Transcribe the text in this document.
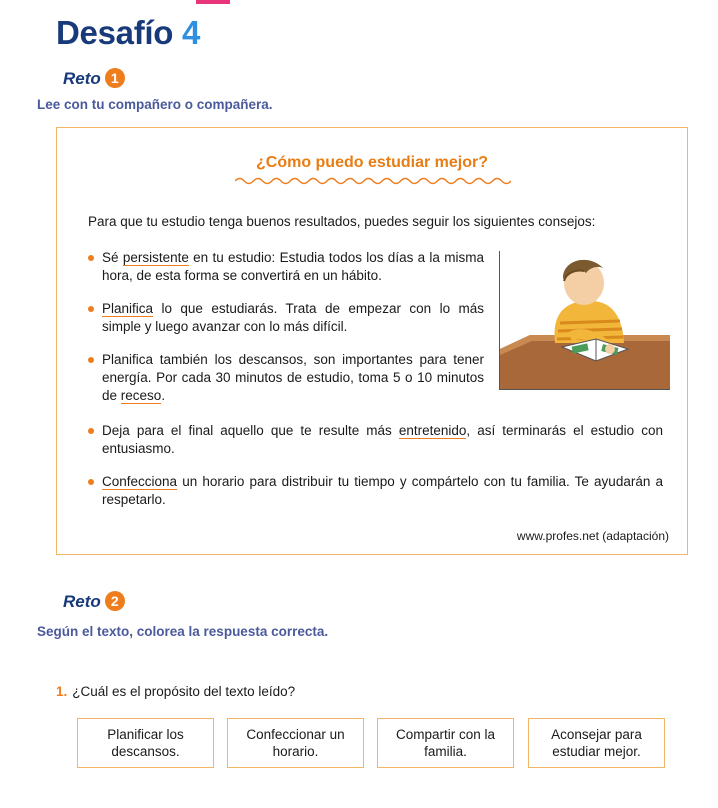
Desafío 4
Reto 1
Lee con tu compañero o compañera.
¿Cómo puedo estudiar mejor?
Para que tu estudio tenga buenos resultados, puedes seguir los siguientes consejos:
Sé persistente en tu estudio: Estudia todos los días a la misma hora, de esta forma se convertirá en un hábito.
Planifica lo que estudiarás. Trata de empezar con lo más simple y luego avanzar con lo más difícil.
Planifica también los descansos, son importantes para tener energía. Por cada 30 minutos de estudio, toma 5 o 10 minutos de receso.
Deja para el final aquello que te resulte más entretenido, así terminarás el estudio con entusiasmo.
Confecciona un horario para distribuir tu tiempo y compártelo con tu familia. Te ayudarán a respetarlo.
www.profes.net (adaptación)
Reto 2
Según el texto, colorea la respuesta correcta.
1. ¿Cuál es el propósito del texto leído?
Planificar los descansos.
Confeccionar un horario.
Compartir con la familia.
Aconsejar para estudiar mejor.
